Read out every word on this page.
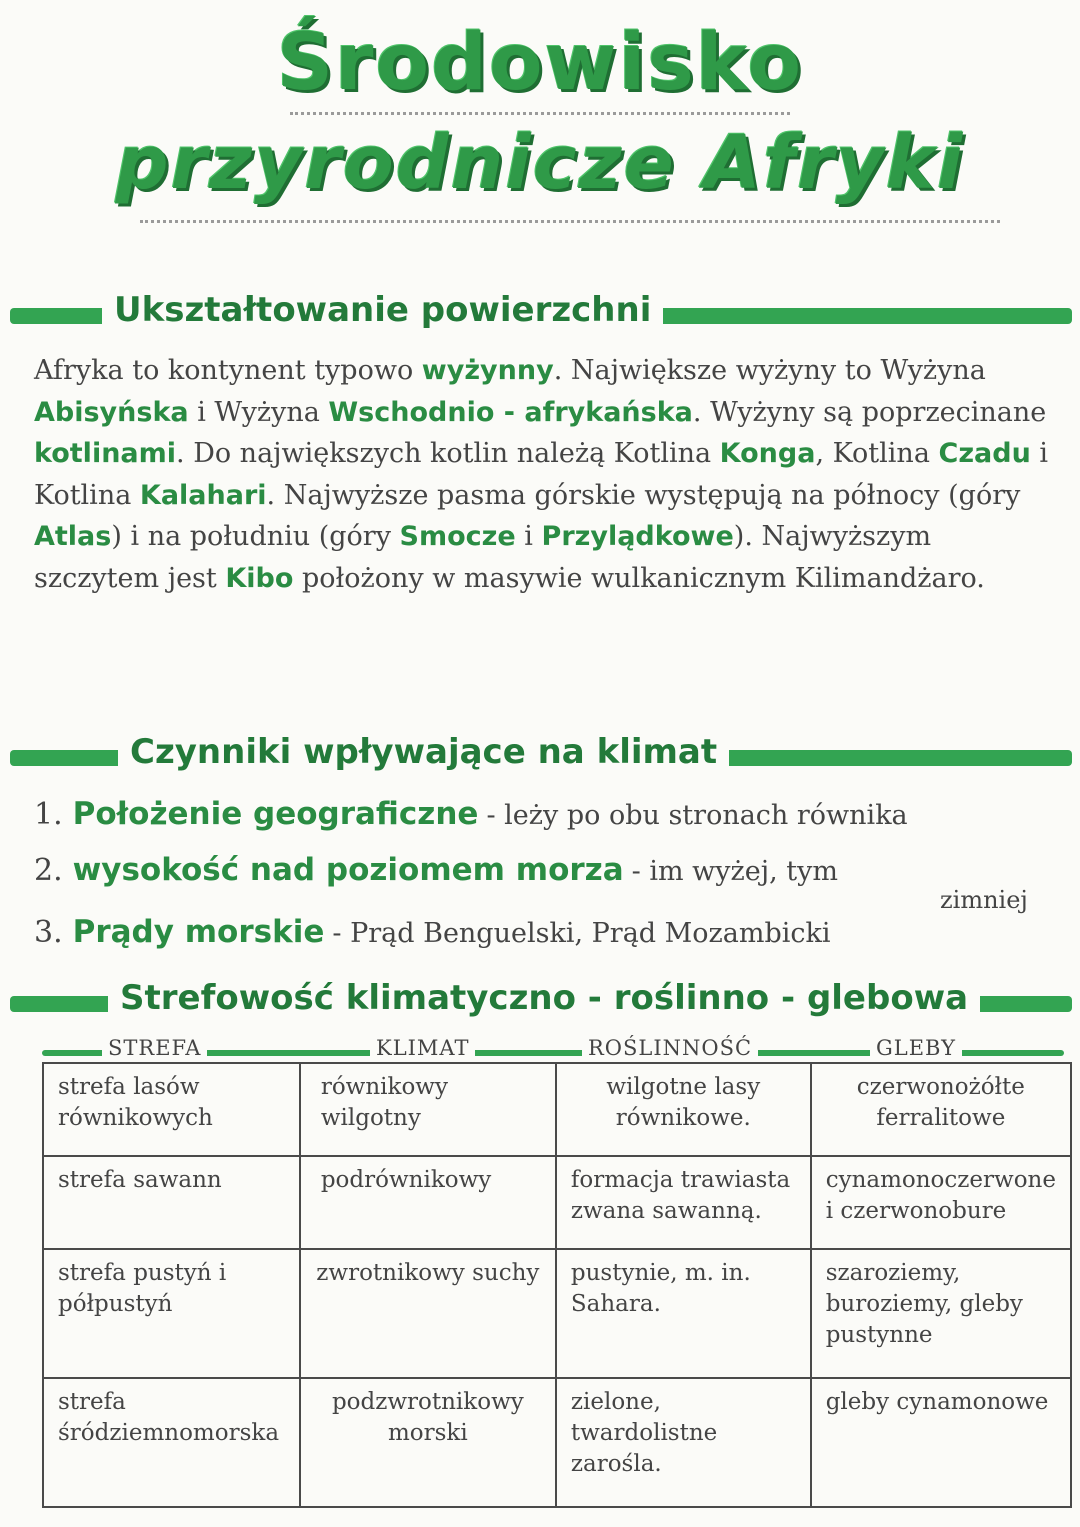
Środowisko
przyrodnicze Afryki
Ukształtowanie powierzchni
Afryka to kontynent typowo wyżynny. Największe wyżyny to Wyżyna Abisyńska i Wyżyna Wschodnio - afrykańska. Wyżyny są poprzecinane kotlinami. Do największych kotlin należą Kotlina Konga, Kotlina Czadu i Kotlina Kalahari. Najwyższe pasma górskie występują na północy (góry Atlas) i na południu (góry Smocze i Przylądkowe). Najwyższym szczytem jest Kibo położony w masywie wulkanicznym Kilimandżaro.
Czynniki wpływające na klimat
1. Położenie geograficzne - leży po obu stronach równika
2. wysokość nad poziomem morza - im wyżej, tym
zimniej
3. Prądy morskie - Prąd Benguelski, Prąd Mozambicki
Strefowość klimatyczno - roślinno - glebowa
STREFA	KLIMAT	ROŚLINNOŚĆ	GLEBY
strefa lasów równikowych	równikowy wilgotny	wilgotne lasy równikowe.	czerwonożółte ferralitowe
strefa sawann	podrównikowy	formacja trawiasta zwana sawanną.	cynamonoczerwone i czerwonobure
strefa pustyń i półpustyń	zwrotnikowy suchy	pustynie, m. in. Sahara.	szaroziemy, buroziemy, gleby pustynne
strefa śródziemnomorska	podzwrotnikowy morski	zielone, twardolistne zarośla.	gleby cynamonowe
